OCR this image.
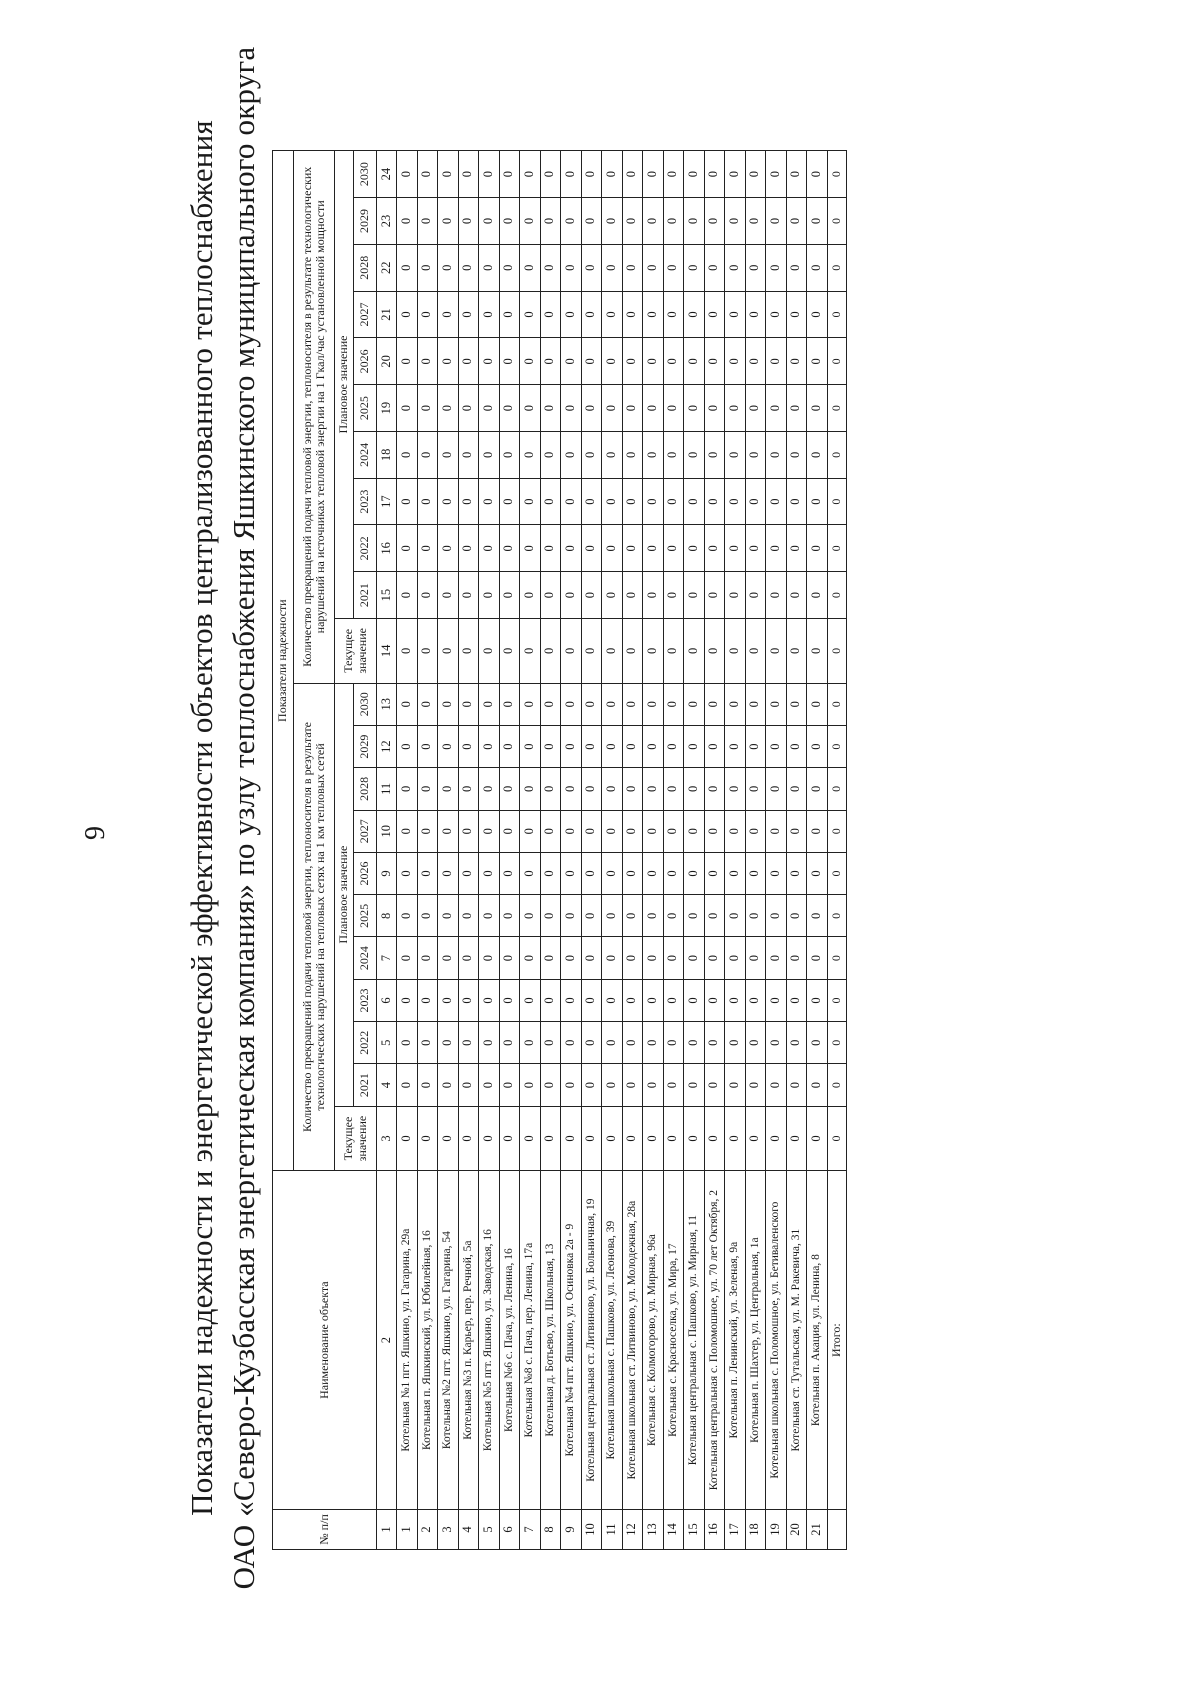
9 Показатели надежности и энергетической эффективности объектов централизованного теплоснабжения ОАО «Северо-Кузбасская энергетическая компания» по узлу теплоснабжения Яшкинского муниципального округа	№ п/п	Наименование объекта	Показатели надежности																					
		Количество прекращений подачи тепловой энергии, теплоносителя в результате технологических нарушений на тепловых сетях на 1 км тепловых сетей											Количество прекращений подачи тепловой энергии, теплоносителя в результате технологических нарушений на источниках тепловой энергии на 1 Гкал/час установленной мощности										
		Текущее значение	Плановое значение										Текущее значение	Плановое значение									
			2021	2022	2023	2024	2025	2026	2027	2028	2029	2030		2021	2022	2023	2024	2025	2026	2027	2028	2029	2030
1	2	3	4	5	6	7	8	9	10	11	12	13	14	15	16	17	18	19	20	21	22	23	24
1	Котельная №1 пгт. Яшкино, ул. Гагарина, 29а	0	0	0	0	0	0	0	0	0	0	0	0	0	0	0	0	0	0	0	0	0	0
2	Котельная п. Яшкинский, ул. Юбилейная, 16	0	0	0	0	0	0	0	0	0	0	0	0	0	0	0	0	0	0	0	0	0	0
3	Котельная №2 пгт. Яшкино, ул. Гагарина, 54	0	0	0	0	0	0	0	0	0	0	0	0	0	0	0	0	0	0	0	0	0	0
4	Котельная №3 п. Карьер, пер. Речной, 5а	0	0	0	0	0	0	0	0	0	0	0	0	0	0	0	0	0	0	0	0	0	0
5	Котельная №5 пгт. Яшкино, ул. Заводская, 16	0	0	0	0	0	0	0	0	0	0	0	0	0	0	0	0	0	0	0	0	0	0
6	Котельная №6 с. Пача, ул. Ленина, 16	0	0	0	0	0	0	0	0	0	0	0	0	0	0	0	0	0	0	0	0	0	0
7	Котельная №8 с. Пача, пер. Ленина, 17а	0	0	0	0	0	0	0	0	0	0	0	0	0	0	0	0	0	0	0	0	0	0
8	Котельная д. Ботьево, ул. Школьная, 13	0	0	0	0	0	0	0	0	0	0	0	0	0	0	0	0	0	0	0	0	0	0
9	Котельная №4 пгт. Яшкино, ул. Осиновка 2а - 9	0	0	0	0	0	0	0	0	0	0	0	0	0	0	0	0	0	0	0	0	0	0
10	Котельная центральная ст. Литвиново, ул. Больничная, 19	0	0	0	0	0	0	0	0	0	0	0	0	0	0	0	0	0	0	0	0	0	0
11	Котельная школьная с. Пашково, ул. Леонова, 39	0	0	0	0	0	0	0	0	0	0	0	0	0	0	0	0	0	0	0	0	0	0
12	Котельная школьная ст. Литвиново, ул. Молодежная, 28а	0	0	0	0	0	0	0	0	0	0	0	0	0	0	0	0	0	0	0	0	0	0
13	Котельная с. Колмогорово, ул. Мирная, 96а	0	0	0	0	0	0	0	0	0	0	0	0	0	0	0	0	0	0	0	0	0	0
14	Котельная с. Красноселка, ул. Мира, 17	0	0	0	0	0	0	0	0	0	0	0	0	0	0	0	0	0	0	0	0	0	0
15	Котельная центральная с. Пашково, ул. Мирная, 11	0	0	0	0	0	0	0	0	0	0	0	0	0	0	0	0	0	0	0	0	0	0
16	Котельная центральная с. Поломошное, ул. 70 лет Октября, 2	0	0	0	0	0	0	0	0	0	0	0	0	0	0	0	0	0	0	0	0	0	0
17	Котельная п. Ленинский, ул. Зеленая, 9а	0	0	0	0	0	0	0	0	0	0	0	0	0	0	0	0	0	0	0	0	0	0
18	Котельная п. Шахтер, ул. Центральная, 1а	0	0	0	0	0	0	0	0	0	0	0	0	0	0	0	0	0	0	0	0	0	0
19	Котельная школьная с. Поломошное, ул. Бетиваленского	0	0	0	0	0	0	0	0	0	0	0	0	0	0	0	0	0	0	0	0	0	0
20	Котельная ст. Тутальская, ул. М. Ракевича, 31	0	0	0	0	0	0	0	0	0	0	0	0	0	0	0	0	0	0	0	0	0	0
21	Котельная п. Акация, ул. Ленина, 8	0	0	0	0	0	0	0	0	0	0	0	0	0	0	0	0	0	0	0	0	0	0
	Итого:	0	0	0	0	0	0	0	0	0	0	0	0	0	0	0	0	0	0	0	0	0	0
